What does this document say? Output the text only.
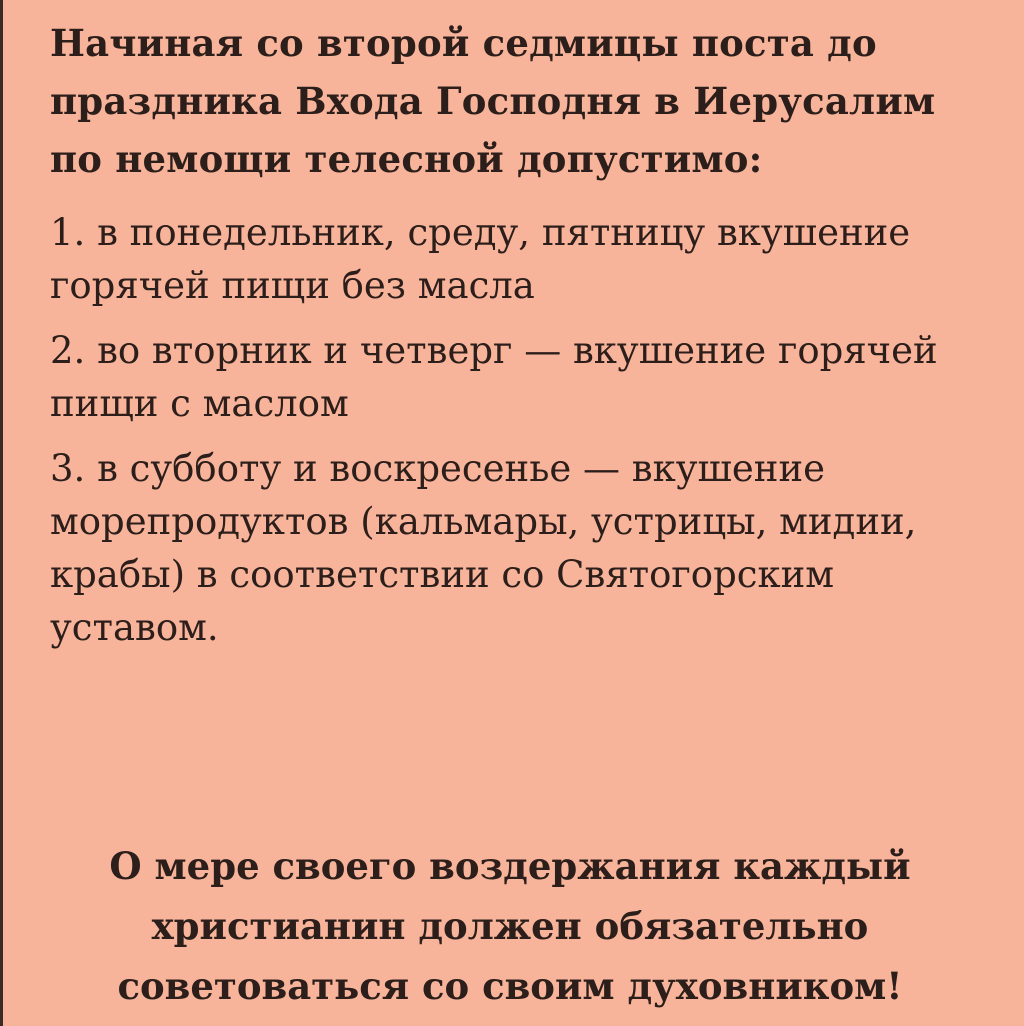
Начиная со второй седмицы поста до праздника Входа Господня в Иерусалим по немощи телесной допустимо:

1. в понедельник, среду, пятницу вкушение горячей пищи без масла

2. во вторник и четверг — вкушение горячей пищи с маслом

3. в субботу и воскресенье — вкушение морепродуктов (кальмары, устрицы, мидии, крабы) в соответствии со Святогорским уставом.

О мере своего воздержания каждый христианин должен обязательно советоваться со своим духовником!
